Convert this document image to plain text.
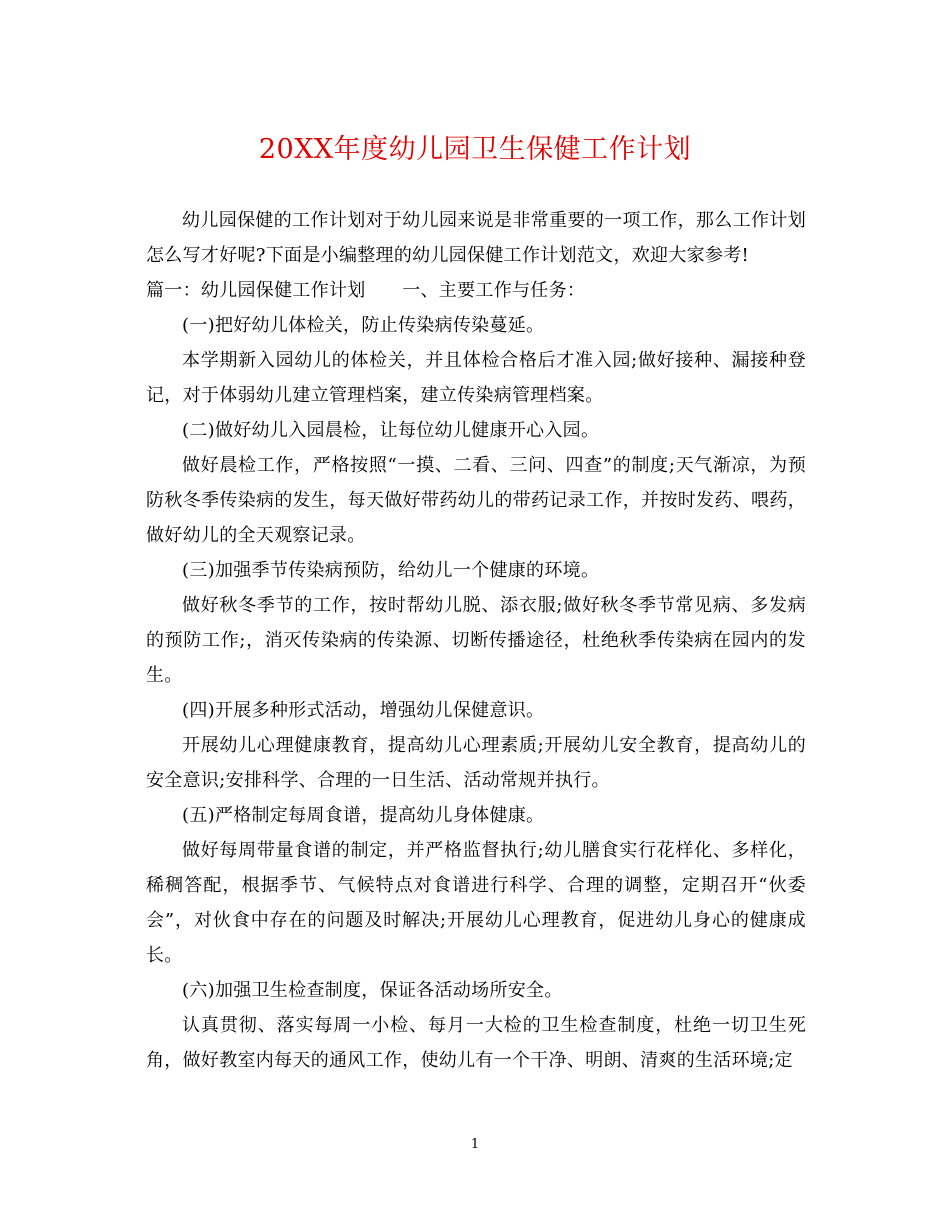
20XX年度幼儿园卫生保健工作计划

幼儿园保健的工作计划对于幼儿园来说是非常重要的一项工作，那么工作计划怎么写才好呢?下面是小编整理的幼儿园保健工作计划范文，欢迎大家参考!

篇一：幼儿园保健工作计划　　一、主要工作与任务：

(一)把好幼儿体检关，防止传染病传染蔓延。

本学期新入园幼儿的体检关，并且体检合格后才准入园;做好接种、漏接种登记，对于体弱幼儿建立管理档案，建立传染病管理档案。

(二)做好幼儿入园晨检，让每位幼儿健康开心入园。

做好晨检工作，严格按照“一摸、二看、三问、四查”的制度;天气渐凉，为预防秋冬季传染病的发生，每天做好带药幼儿的带药记录工作，并按时发药、喂药，做好幼儿的全天观察记录。

(三)加强季节传染病预防，给幼儿一个健康的环境。

做好秋冬季节的工作，按时帮幼儿脱、添衣服;做好秋冬季节常见病、多发病的预防工作;，消灭传染病的传染源、切断传播途径，杜绝秋季传染病在园内的发生。

(四)开展多种形式活动，增强幼儿保健意识。

开展幼儿心理健康教育，提高幼儿心理素质;开展幼儿安全教育，提高幼儿的安全意识;安排科学、合理的一日生活、活动常规并执行。

(五)严格制定每周食谱，提高幼儿身体健康。

做好每周带量食谱的制定，并严格监督执行;幼儿膳食实行花样化、多样化，稀稠答配，根据季节、气候特点对食谱进行科学、合理的调整，定期召开“伙委会”，对伙食中存在的问题及时解决;开展幼儿心理教育，促进幼儿身心的健康成长。

(六)加强卫生检查制度，保证各活动场所安全。

认真贯彻、落实每周一小检、每月一大检的卫生检查制度，杜绝一切卫生死角，做好教室内每天的通风工作，使幼儿有一个干净、明朗、清爽的生活环境;定

1
